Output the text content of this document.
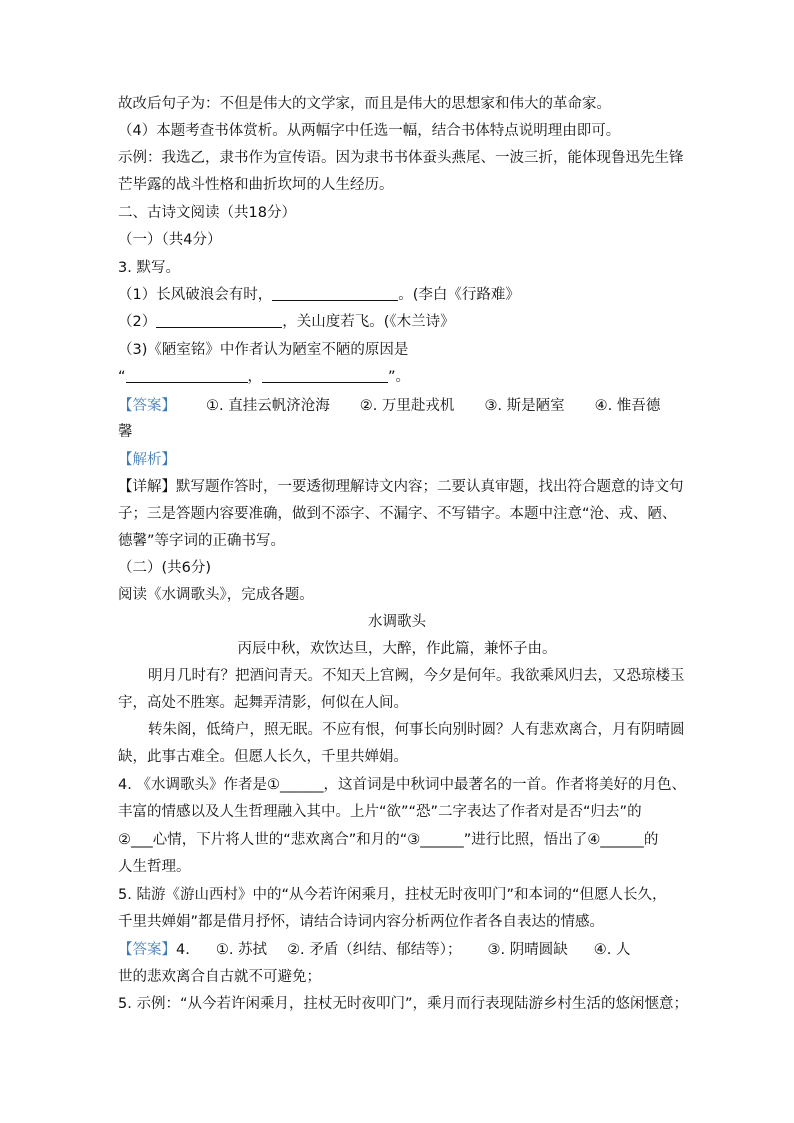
故改后句子为：不但是伟大的文学家，而且是伟大的思想家和伟大的革命家。
（4）本题考查书体赏析。从两幅字中任选一幅，结合书体特点说明理由即可。
示例：我选乙，隶书作为宣传语。因为隶书书体蚕头燕尾、一波三折，能体现鲁迅先生锋
芒毕露的战斗性格和曲折坎坷的人生经历。
二、古诗文阅读（共18分）
（一）（共4分）
3. 默写。
（1）长风破浪会有时，	。(李白《行路难》
（2）	，关山度若飞。(《木兰诗》
（3)《陋室铭》中作者认为陋室不陋的原因是
“	，	”。
【答案】 ①. 直挂云帆济沧海 ②. 万里赴戎机 ③. 斯是陋室 ④. 惟吾德
馨
【解析】
【详解】默写题作答时，一要透彻理解诗文内容；二要认真审题，找出符合题意的诗文句
子；三是答题内容要准确，做到不添字、不漏字、不写错字。本题中注意“沧、戎、陋、
德馨”等字词的正确书写。
（二）(共6分)
阅读《水调歌头》，完成各题。
水调歌头
丙辰中秋，欢饮达旦，大醉，作此篇，兼怀子由。
明月几时有？把酒问青天。不知天上宫阙，今夕是何年。我欲乘风归去，又恐琼楼玉
宇，高处不胜寒。起舞弄清影，何似在人间。
转朱阁，低绮户，照无眠。不应有恨，何事长向别时圆？人有悲欢离合，月有阴晴圆
缺，此事古难全。但愿人长久，千里共婵娟。
4. 《水调歌头》作者是①______，这首词是中秋词中最著名的一首。作者将美好的月色、
丰富的情感以及人生哲理融入其中。上片“欲”“恐”二字表达了作者对是否“归去”的
②___心情，下片将人世的“悲欢离合”和月的“③______”进行比照，悟出了④______的
人生哲理。
5. 陆游《游山西村》中的“从今若许闲乘月，拄杖无时夜叩门”和本词的“但愿人长久，
千里共婵娟”都是借月抒怀，请结合诗词内容分析两位作者各自表达的情感。
【答案】4. ①. 苏拭 ②. 矛盾（纠结、郁结等）； ③. 阴晴圆缺 ④. 人
世的悲欢离合自古就不可避免；
5. 示例：“从今若许闲乘月，拄杖无时夜叩门”，乘月而行表现陆游乡村生活的悠闲惬意；
